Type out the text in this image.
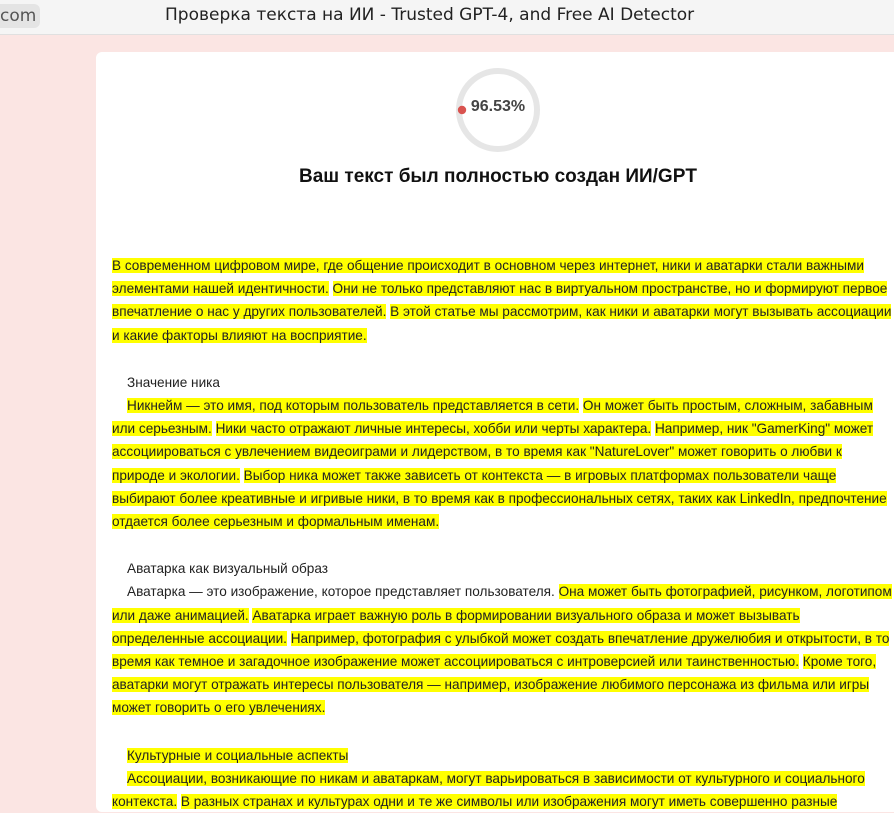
com	Проверка текста на ИИ - Trusted GPT-4, and Free AI Detector
96.53%
Ваш текст был полностью создан ИИ/GPT

В современном цифровом мире, где общение происходит в основном через интернет, ники и аватарки стали важными элементами нашей идентичности. Они не только представляют нас в виртуальном пространстве, но и формируют первое впечатление о нас у других пользователей. В этой статье мы рассмотрим, как ники и аватарки могут вызывать ассоциации и какие факторы влияют на восприятие.

Значение ника

Никнейм — это имя, под которым пользователь представляется в сети. Он может быть простым, сложным, забавным или серьезным. Ники часто отражают личные интересы, хобби или черты характера. Например, ник "GamerKing" может ассоциироваться с увлечением видеоиграми и лидерством, в то время как "NatureLover" может говорить о любви к природе и экологии. Выбор ника может также зависеть от контекста — в игровых платформах пользователи чаще выбирают более креативные и игривые ники, в то время как в профессиональных сетях, таких как LinkedIn, предпочтение отдается более серьезным и формальным именам.

Аватарка как визуальный образ

Аватарка — это изображение, которое представляет пользователя. Она может быть фотографией, рисунком, логотипом или даже анимацией. Аватарка играет важную роль в формировании визуального образа и может вызывать определенные ассоциации. Например, фотография с улыбкой может создать впечатление дружелюбия и открытости, в то время как темное и загадочное изображение может ассоциироваться с интроверсией или таинственностью. Кроме того, аватарки могут отражать интересы пользователя — например, изображение любимого персонажа из фильма или игры может говорить о его увлечениях.

Культурные и социальные аспекты

Ассоциации, возникающие по никам и аватаркам, могут варьироваться в зависимости от культурного и социального контекста. В разных странах и культурах одни и те же символы или изображения могут иметь совершенно разные
